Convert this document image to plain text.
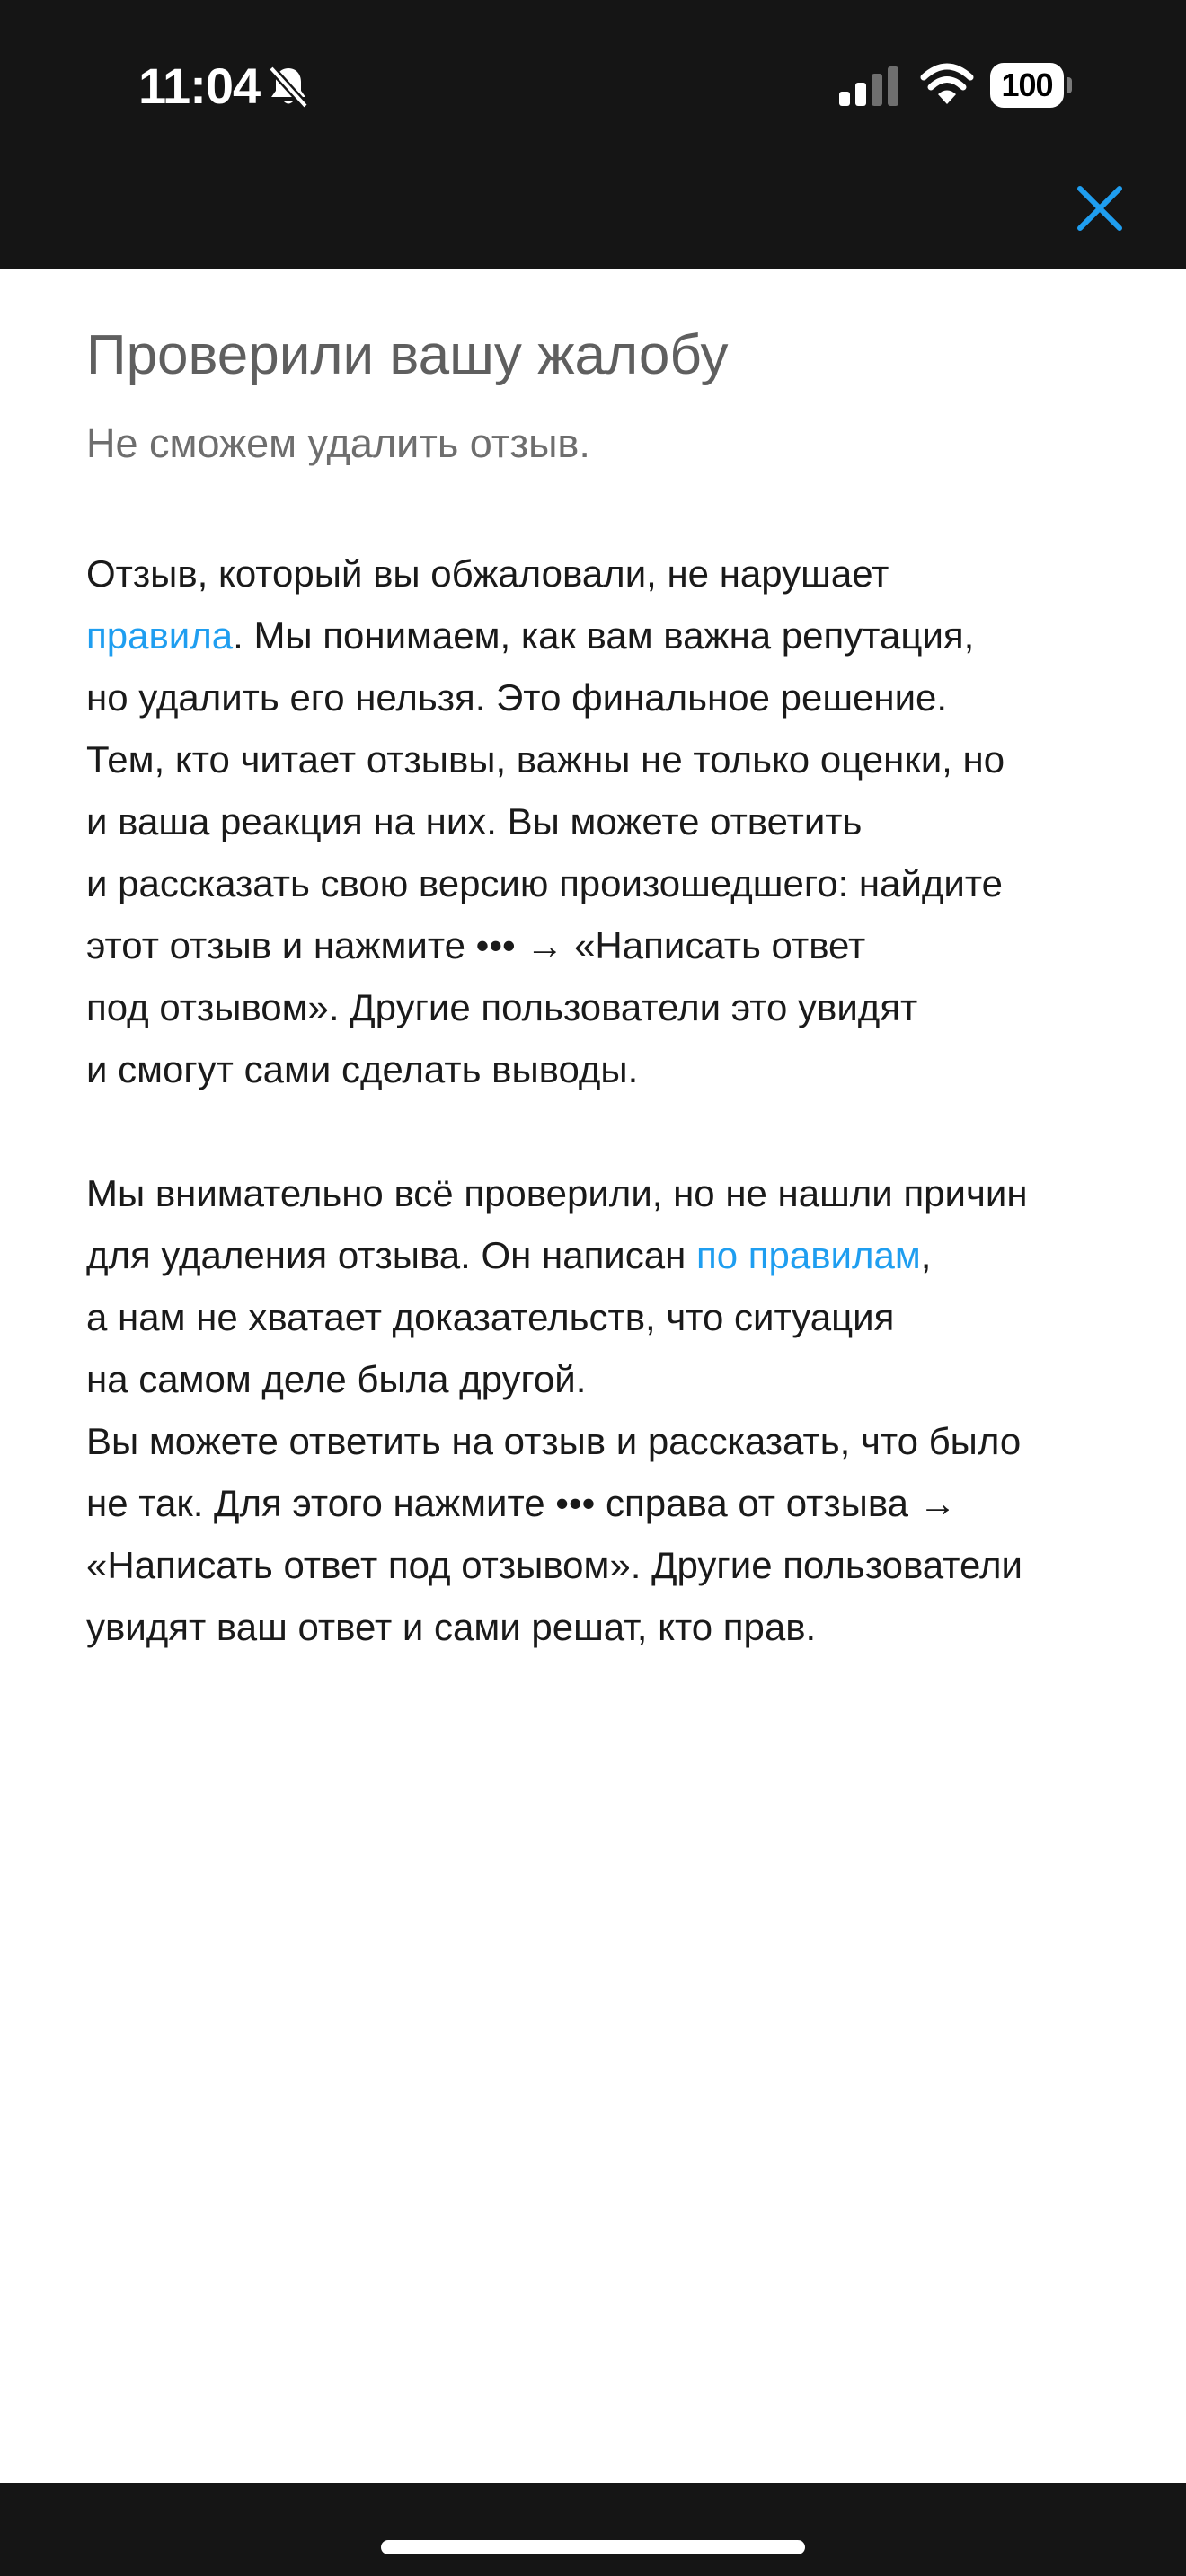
11:04	100
Проверили вашу жалобу
Не сможем удалить отзыв.

Отзыв, который вы обжаловали, не нарушает
правила. Мы понимаем, как вам важна репутация,
но удалить его нельзя. Это финальное решение.
Тем, кто читает отзывы, важны не только оценки, но
и ваша реакция на них. Вы можете ответить
и рассказать свою версию произошедшего: найдите
этот отзыв и нажмите ••• → «Написать ответ
под отзывом». Другие пользователи это увидят
и смогут сами сделать выводы.

Мы внимательно всё проверили, но не нашли причин
для удаления отзыва. Он написан по правилам,
а нам не хватает доказательств, что ситуация
на самом деле была другой.
Вы можете ответить на отзыв и рассказать, что было
не так. Для этого нажмите ••• справа от отзыва →
«Написать ответ под отзывом». Другие пользователи
увидят ваш ответ и сами решат, кто прав.
